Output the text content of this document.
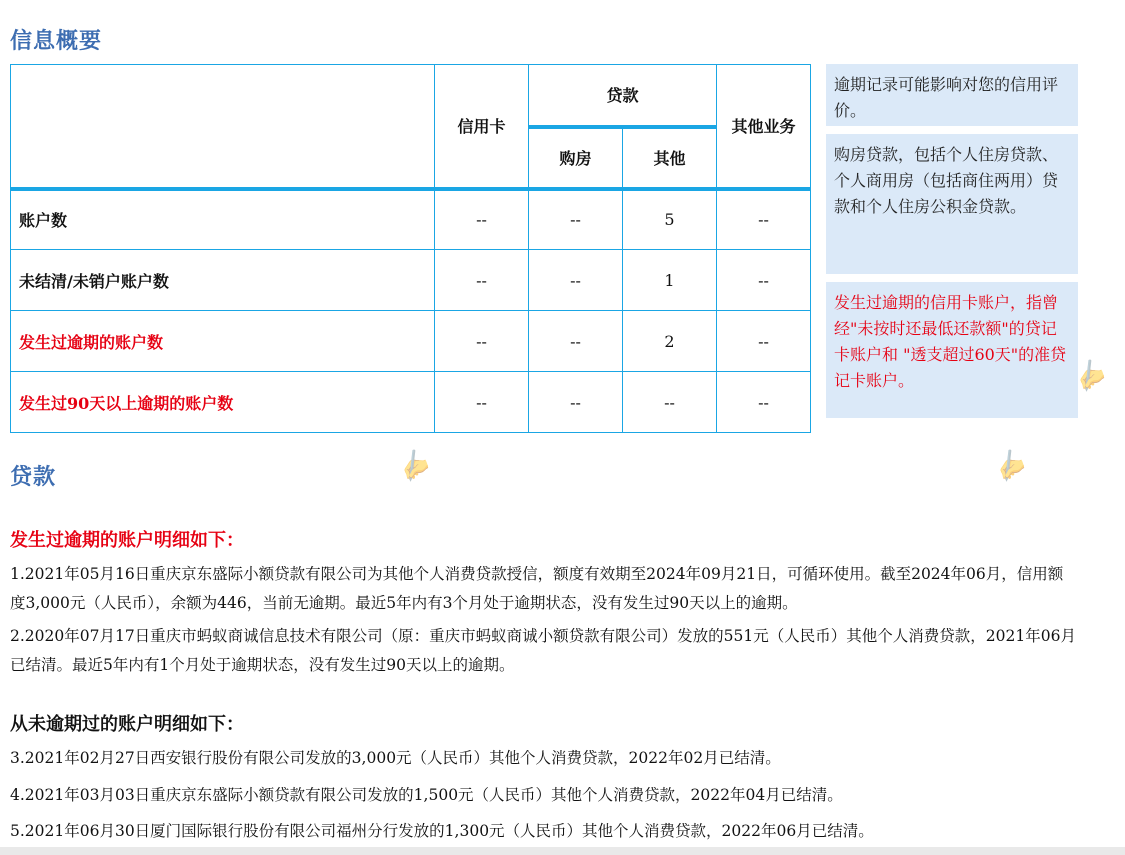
信息概要
	信用卡	贷款		其他业务
		购房	其他	
账户数	--	--	5	--
未结清/未销户账户数	--	--	1	--
发生过逾期的账户数	--	--	2	--
发生过90天以上逾期的账户数	--	--	--	--
逾期记录可能影响对您的信用评价。
购房贷款，包括个人住房贷款、个人商用房（包括商住两用）贷款和个人住房公积金贷款。
发生过逾期的信用卡账户，指曾经"未按时还最低还款额"的贷记卡账户和 "透支超过60天"的准贷记卡账户。
贷款
发生过逾期的账户明细如下：
1.2021年05月16日重庆京东盛际小额贷款有限公司为其他个人消费贷款授信，额度有效期至2024年09月21日，可循环使用。截至2024年06月，信用额度3,000元（人民币），余额为446，当前无逾期。最近5年内有3个月处于逾期状态，没有发生过90天以上的逾期。
2.2020年07月17日重庆市蚂蚁商诚信息技术有限公司（原：重庆市蚂蚁商诚小额贷款有限公司）发放的551元（人民币）其他个人消费贷款，2021年06月已结清。最近5年内有1个月处于逾期状态，没有发生过90天以上的逾期。
从未逾期过的账户明细如下：
3.2021年02月27日西安银行股份有限公司发放的3,000元（人民币）其他个人消费贷款，2022年02月已结清。
4.2021年03月03日重庆京东盛际小额贷款有限公司发放的1,500元（人民币）其他个人消费贷款，2022年04月已结清。
5.2021年06月30日厦门国际银行股份有限公司福州分行发放的1,300元（人民币）其他个人消费贷款，2022年06月已结清。
✍	✍
✍
